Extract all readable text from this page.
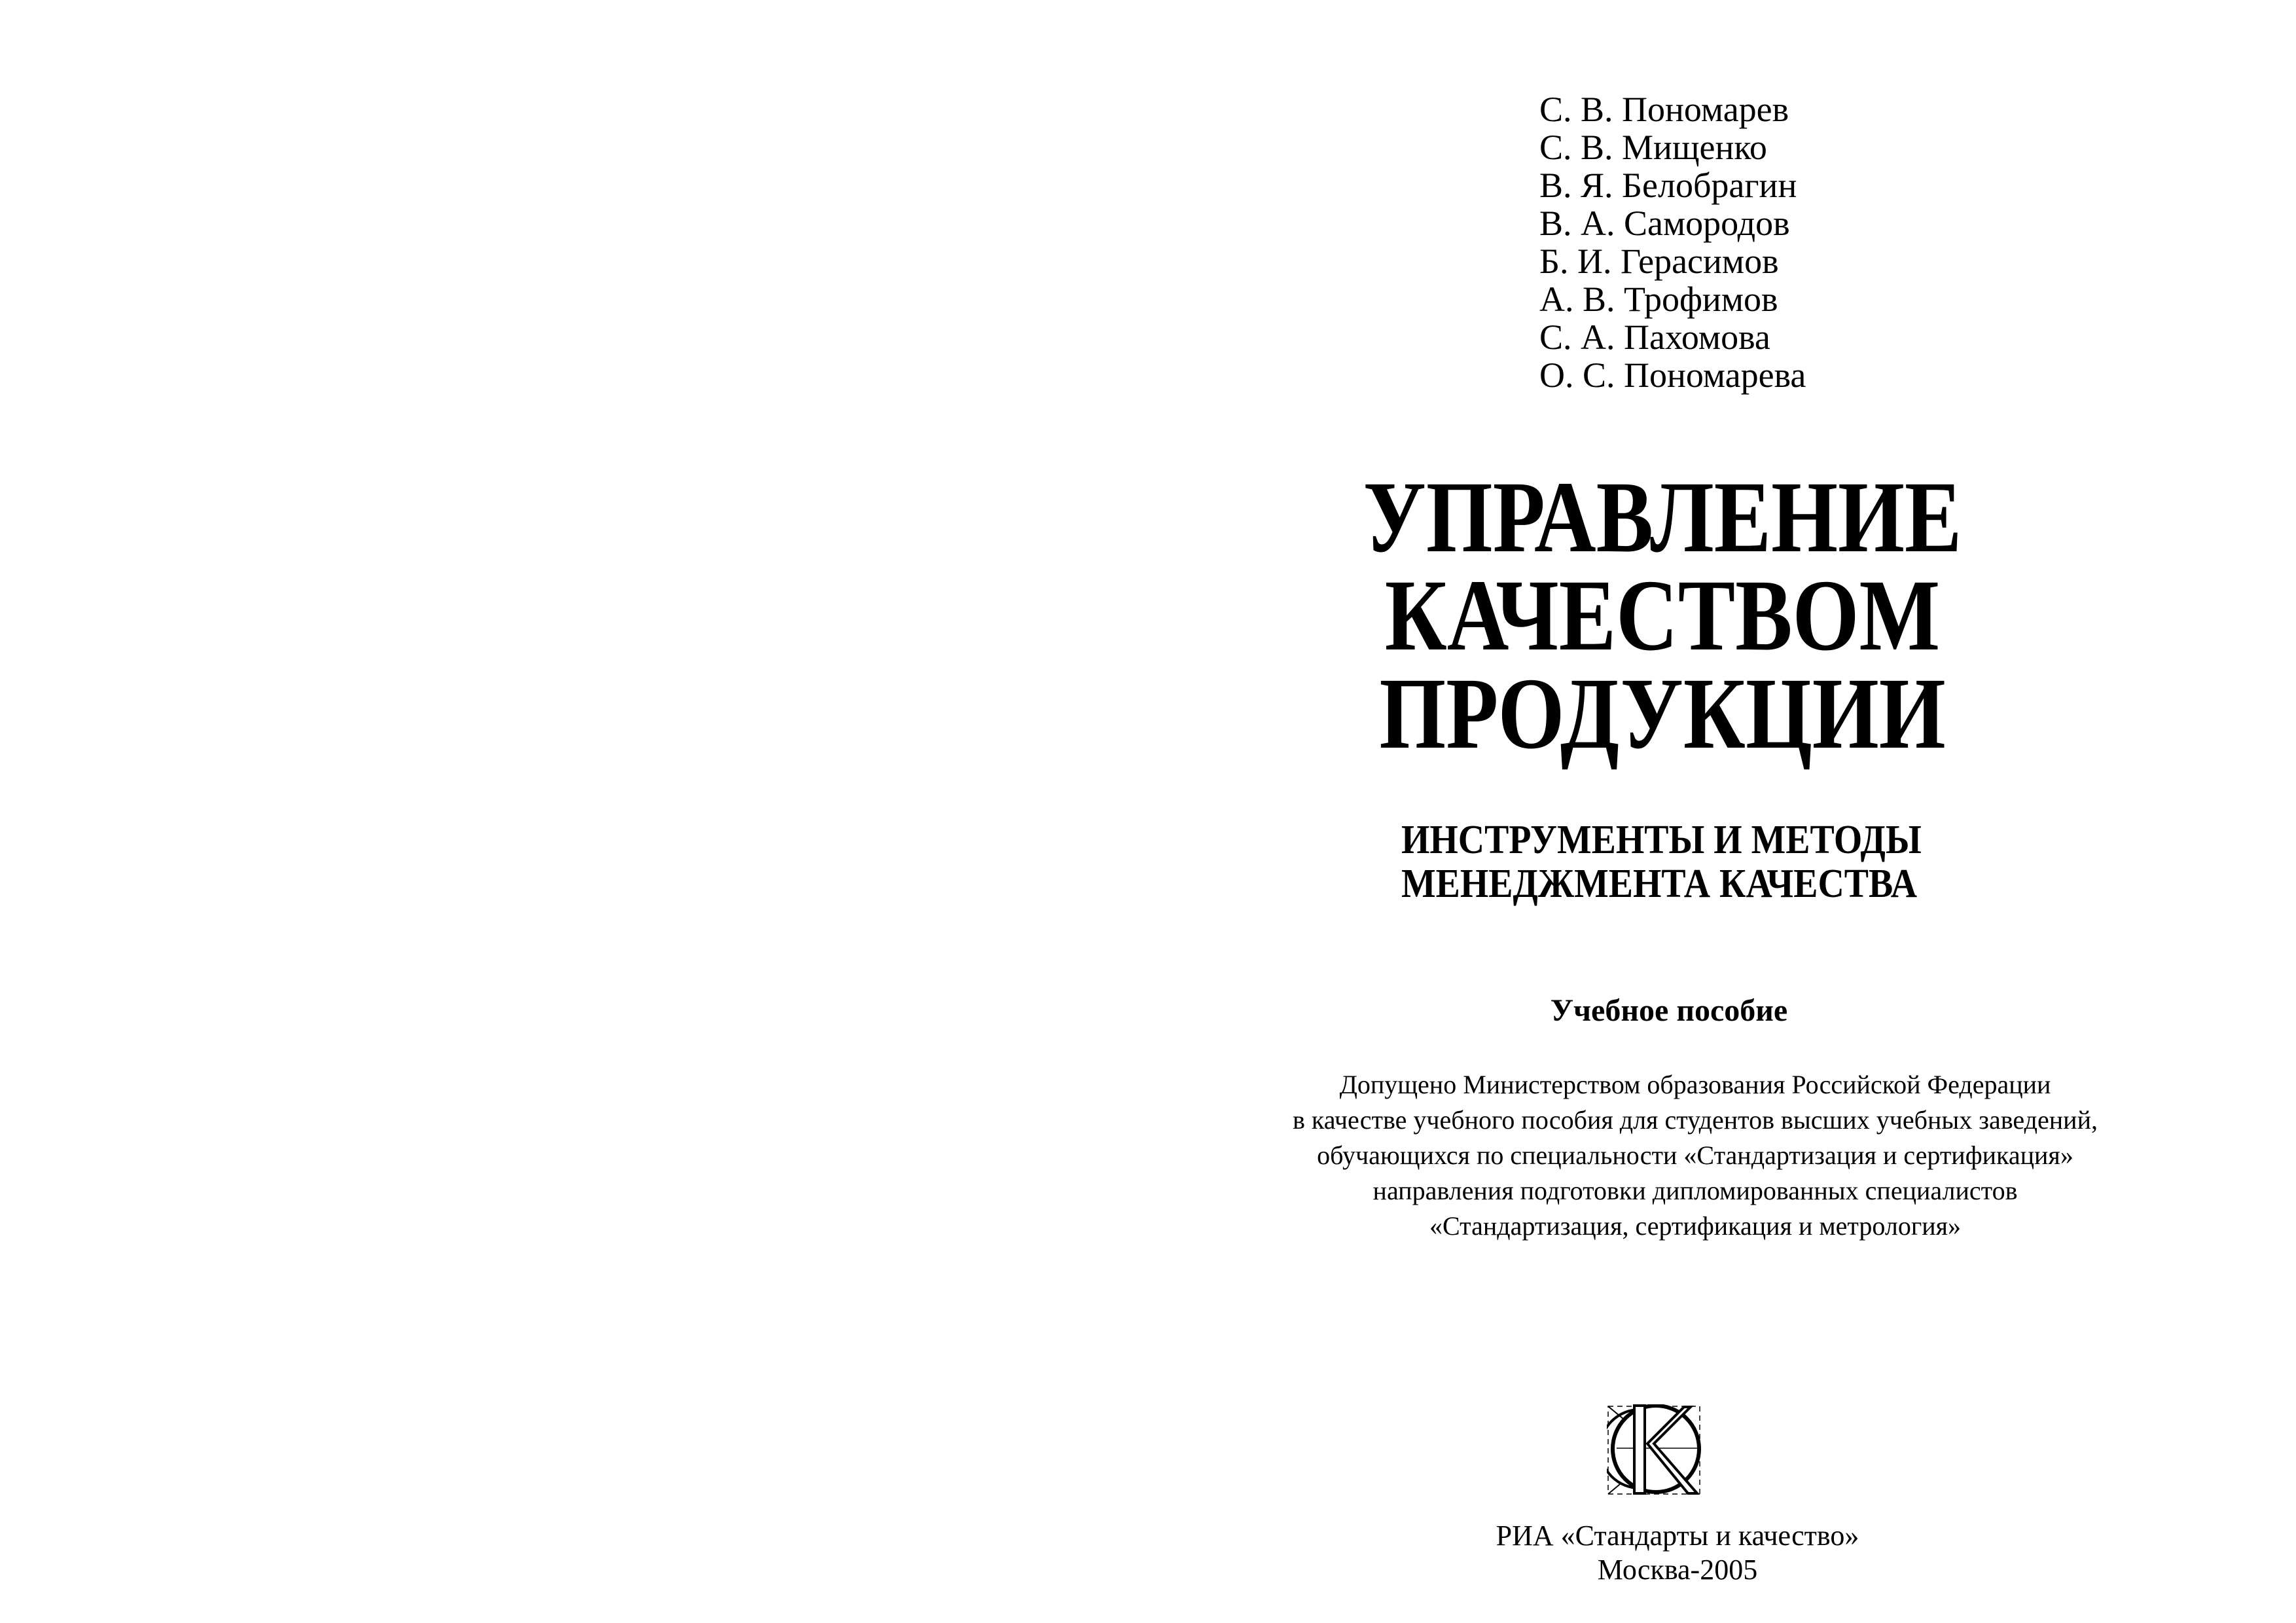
С. В. Пономарев
С. В. Мищенко
В. Я. Белобрагин
В. А. Самородов
Б. И. Герасимов
А. В. Трофимов
С. А. Пахомова
О. С. Пономарева
УПРАВЛЕНИЕ
КАЧЕСТВОМ
ПРОДУКЦИИ
ИНСТРУМЕНТЫ И МЕТОДЫ
МЕНЕДЖМЕНТА КАЧЕСТВА
Учебное пособие
Допущено Министерством образования Российской Федерации
в качестве учебного пособия для студентов высших учебных заведений,
обучающихся по специальности «Стандартизация и сертификация»
направления подготовки дипломированных специалистов
«Стандартизация, сертификация и метрология»
РИА «Стандарты и качество»
Москва-2005
